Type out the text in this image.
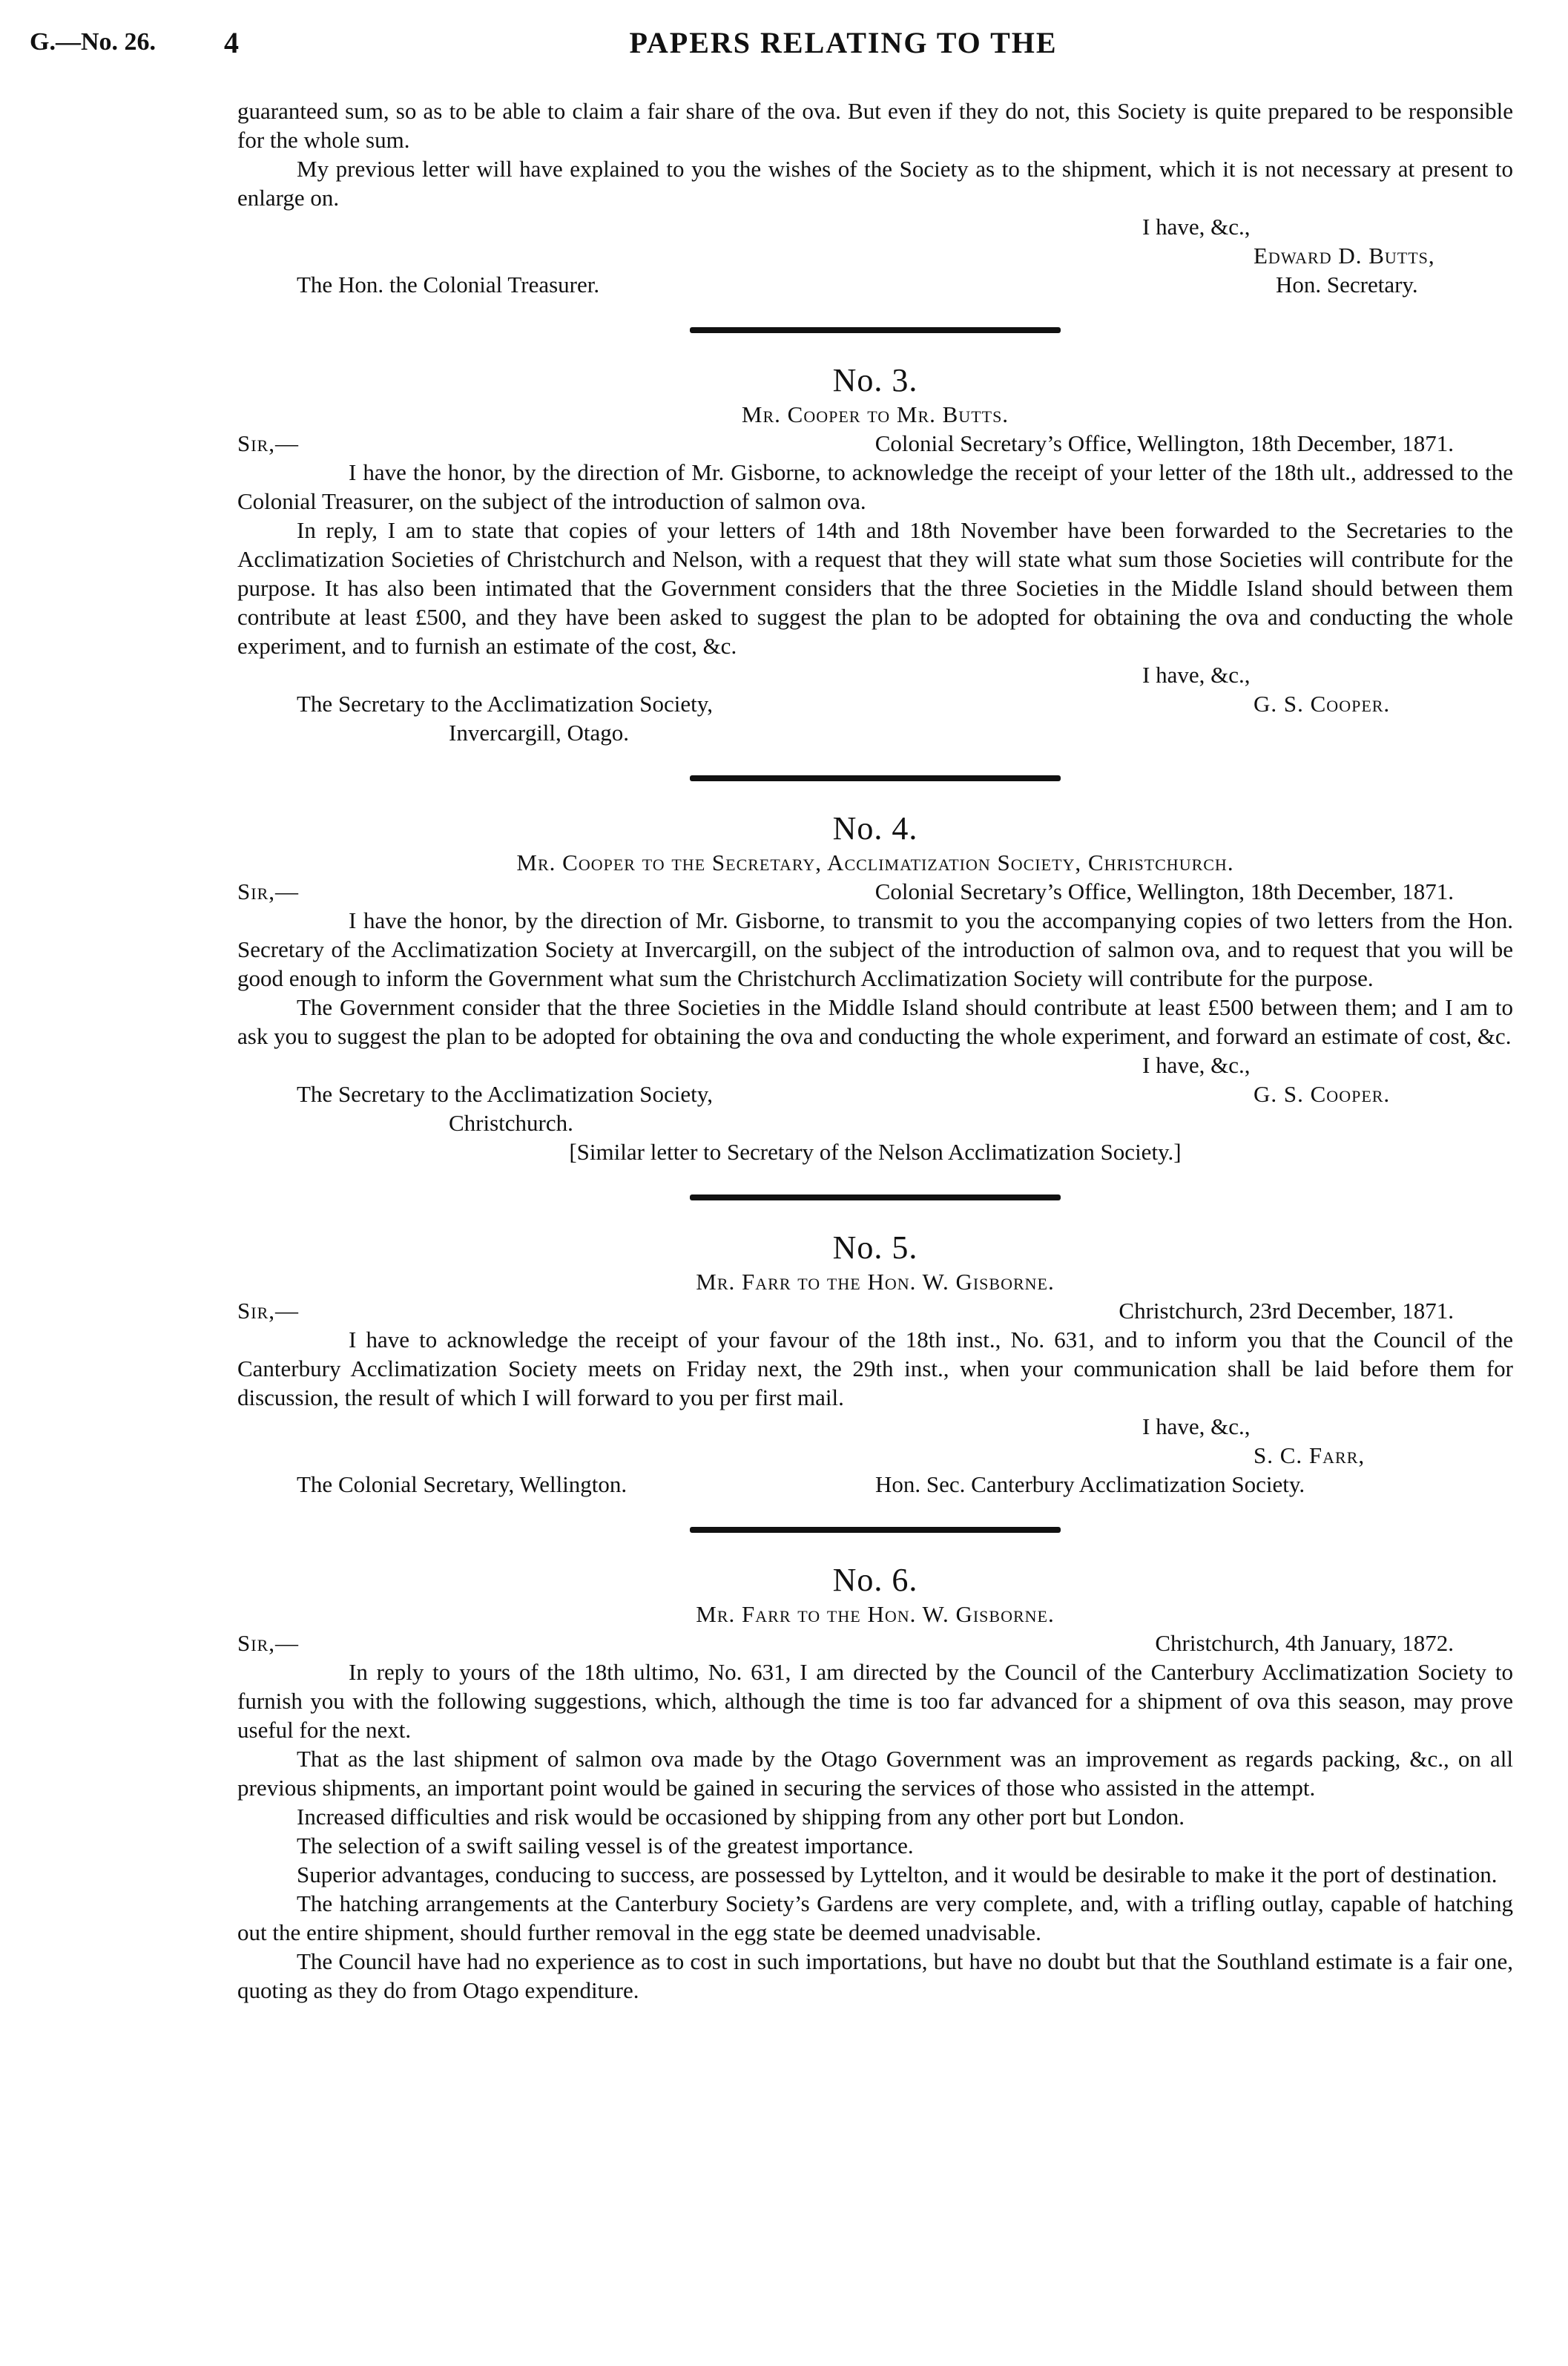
G.—No. 26. 4	PAPERS RELATING TO THE

guaranteed sum, so as to be able to claim a fair share of the ova. But even if they do not, this Society is quite prepared to be responsible for the whole sum.

My previous letter will have explained to you the wishes of the Society as to the shipment, which it is not necessary at present to enlarge on.

I have, &c.,
Edward D. Butts,
The Hon. the Colonial Treasurer.	Hon. Secretary.
No. 3.
Mr. Cooper to Mr. Butts.
Sir,—	Colonial Secretary’s Office, Wellington, 18th December, 1871.

I have the honor, by the direction of Mr. Gisborne, to acknowledge the receipt of your letter of the 18th ult., addressed to the Colonial Treasurer, on the subject of the introduction of salmon ova.

In reply, I am to state that copies of your letters of 14th and 18th November have been forwarded to the Secretaries to the Acclimatization Societies of Christchurch and Nelson, with a request that they will state what sum those Societies will contribute for the purpose. It has also been intimated that the Government considers that the three Societies in the Middle Island should between them contribute at least £500, and they have been asked to suggest the plan to be adopted for obtaining the ova and conducting the whole experiment, and to furnish an estimate of the cost, &c.

I have, &c.,
The Secretary to the Acclimatization Society,	G. S. Cooper.
Invercargill, Otago.
No. 4.
Mr. Cooper to the Secretary, Acclimatization Society, Christchurch.
Sir,—	Colonial Secretary’s Office, Wellington, 18th December, 1871.

I have the honor, by the direction of Mr. Gisborne, to transmit to you the accompanying copies of two letters from the Hon. Secretary of the Acclimatization Society at Invercargill, on the subject of the introduction of salmon ova, and to request that you will be good enough to inform the Government what sum the Christchurch Acclimatization Society will contribute for the purpose.

The Government consider that the three Societies in the Middle Island should contribute at least £500 between them; and I am to ask you to suggest the plan to be adopted for obtaining the ova and conducting the whole experiment, and forward an estimate of cost, &c.

I have, &c.,
The Secretary to the Acclimatization Society,	G. S. Cooper.
Christchurch.
[Similar letter to Secretary of the Nelson Acclimatization Society.]
No. 5.
Mr. Farr to the Hon. W. Gisborne.
Sir,—	Christchurch, 23rd December, 1871.

I have to acknowledge the receipt of your favour of the 18th inst., No. 631, and to inform you that the Council of the Canterbury Acclimatization Society meets on Friday next, the 29th inst., when your communication shall be laid before them for discussion, the result of which I will forward to you per first mail.

I have, &c.,
S. C. Farr,
The Colonial Secretary, Wellington.	Hon. Sec. Canterbury Acclimatization Society.
No. 6.
Mr. Farr to the Hon. W. Gisborne.
Sir,—	Christchurch, 4th January, 1872.

In reply to yours of the 18th ultimo, No. 631, I am directed by the Council of the Canterbury Acclimatization Society to furnish you with the following suggestions, which, although the time is too far advanced for a shipment of ova this season, may prove useful for the next.

That as the last shipment of salmon ova made by the Otago Government was an improvement as regards packing, &c., on all previous shipments, an important point would be gained in securing the services of those who assisted in the attempt.

Increased difficulties and risk would be occasioned by shipping from any other port but London.

The selection of a swift sailing vessel is of the greatest importance.

Superior advantages, conducing to success, are possessed by Lyttelton, and it would be desirable to make it the port of destination.

The hatching arrangements at the Canterbury Society’s Gardens are very complete, and, with a trifling outlay, capable of hatching out the entire shipment, should further removal in the egg state be deemed unadvisable.

The Council have had no experience as to cost in such importations, but have no doubt but that the Southland estimate is a fair one, quoting as they do from Otago expenditure.
